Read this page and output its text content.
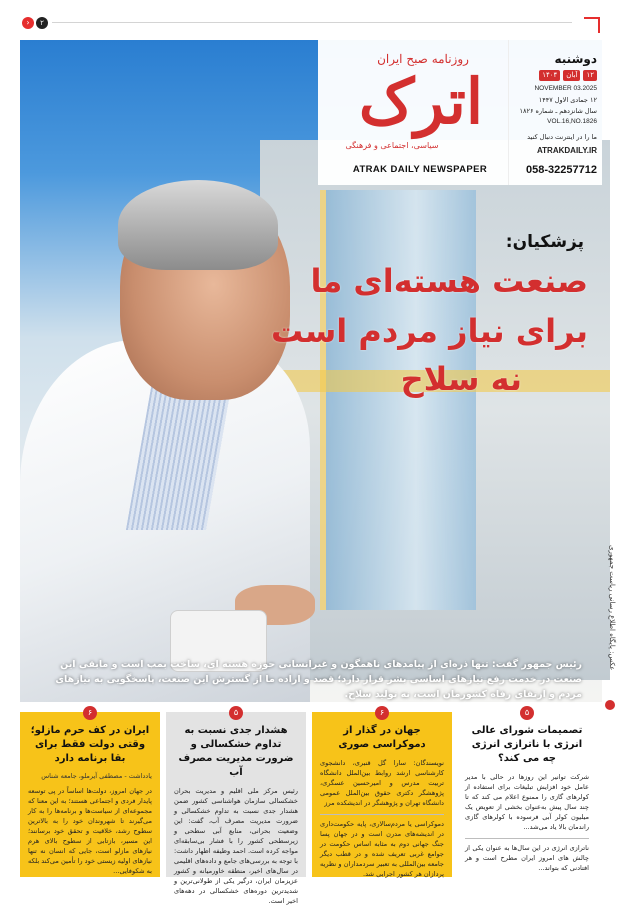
›	۲
روزنامه صبح ایران
اترک
سیاسی، اجتماعی و فرهنگی
ATRAK DAILY NEWSPAPER
دوشنبه
۱۴۰۴	آبان	۱۲
NOVEMBER 03.2025
۱۲ جمادی الاول ۱۴۴۷
سال شانزدهم ـ شماره ۱۸۲۶
VOL.16,NO.1826
ما را در اینترنت دنبال کنید
ATRAKDAILY.IR
058-32257712
پزشکیان:
صنعت هسته‌ای ما
برای نیاز مردم است
نه سلاح
رئیس جمهور گفت: تنها ذره‌ای از پیامدهای ناهمگون و غیرانسانی حوزه هسته ای، ساخت بمب است و مابقی این صنعت در خدمت رفع نیازهای اساسی بشر قرار دارد؛ قصد و اراده ما از گسترش این صنعت، پاسخگویی به نیازهای مردم و ارتقای رفاه کشورمان است، نه تولید سلاح.
عکس: پایگاه اطلاع رسانی ریاست جمهوری
۵
تصمیمات شورای عالی انرژی با ناترازی انرژی چه می کند؟
شرکت توانیر این روزها در حالی با مدیر عامل خود افزایش تبلیغات برای استفاده از کولرهای گازی را ممنوع اعلام می کند که تا چند سال پیش به‌عنوان بخشی از تعویض یک میلیون کولر آبی فرسوده با کولرهای گازی راندمان بالا یاد می‌شد...
ناترازی انرژی در این سال‌ها به عنوان یکی از چالش های امروز ایران مطرح است و هر افتادنی که بتواند...
۶
جهان در گذار از دموکراسی صوری
نویسندگان: سارا گل قنبری، دانشجوی کارشناسی ارشد روابط بین‌الملل دانشگاه تربیت مدرس و امیرحسین عسگری، پژوهشگر دکتری حقوق بین‌الملل عمومی دانشگاه تهران و پژوهشگر در اندیشکده مرز
دموکراسی یا مردم‌سالاری، پایه حکومت‌داری در اندیشه‌های مدرن است و در جهان پسا جنگ جهانی دوم به مثابه اساس حکومت در جوامع غربی تعریف شده و در قطب دیگر جامعه بین‌المللی به تعبیر سردمداران و نظریه پردازان هر کشور اجرایی شد.
۵
هشدار جدی نسبت به تداوم خشکسالی و ضرورت مدیریت مصرف آب
رئیس مرکز ملی اقلیم و مدیریت بحران خشکسالی سازمان هواشناسی کشور ضمن هشدار جدی نسبت به تداوم خشکسالی و ضرورت مدیریت مصرف آب، گفت: این وضعیت بحرانی، منابع آبی سطحی و زیرسطحی کشور را با فشار بی‌سابقه‌ای مواجه کرده است. احمد وظیفه اظهار داشت: با توجه به بررسی‌های جامع و داده‌های اقلیمی در سال‌های اخیر، منطقه خاورمیانه و کشور عزیزمان ایران، درگیر یکی از طولانی‌ترین و شدیدترین دوره‌های خشکسالی در دهه‌های اخیر است.
۶
ایران در کف حرم مازلو؛ وقتی دولت فقط برای بقا برنامه دارد
یادداشت - مصطفی آیرملو، جامعه شناس
در جهان امروز، دولت‌ها اساساً در پی توسعه پایدار فردی و اجتماعی هستند؛ به این معنا که مجموعه‌ای از سیاست‌ها و برنامه‌ها را به کار می‌گیرند تا شهروندان خود را به بالاترین سطوح رشد، خلاقیت و تحقق خود برسانند؛ این مسیر، بازتابی از سطوح بالای هرم نیازهای مازلو است، جایی که انسان نه تنها نیازهای اولیه زیستی خود را تأمین می‌کند بلکه به شکوفایی...
